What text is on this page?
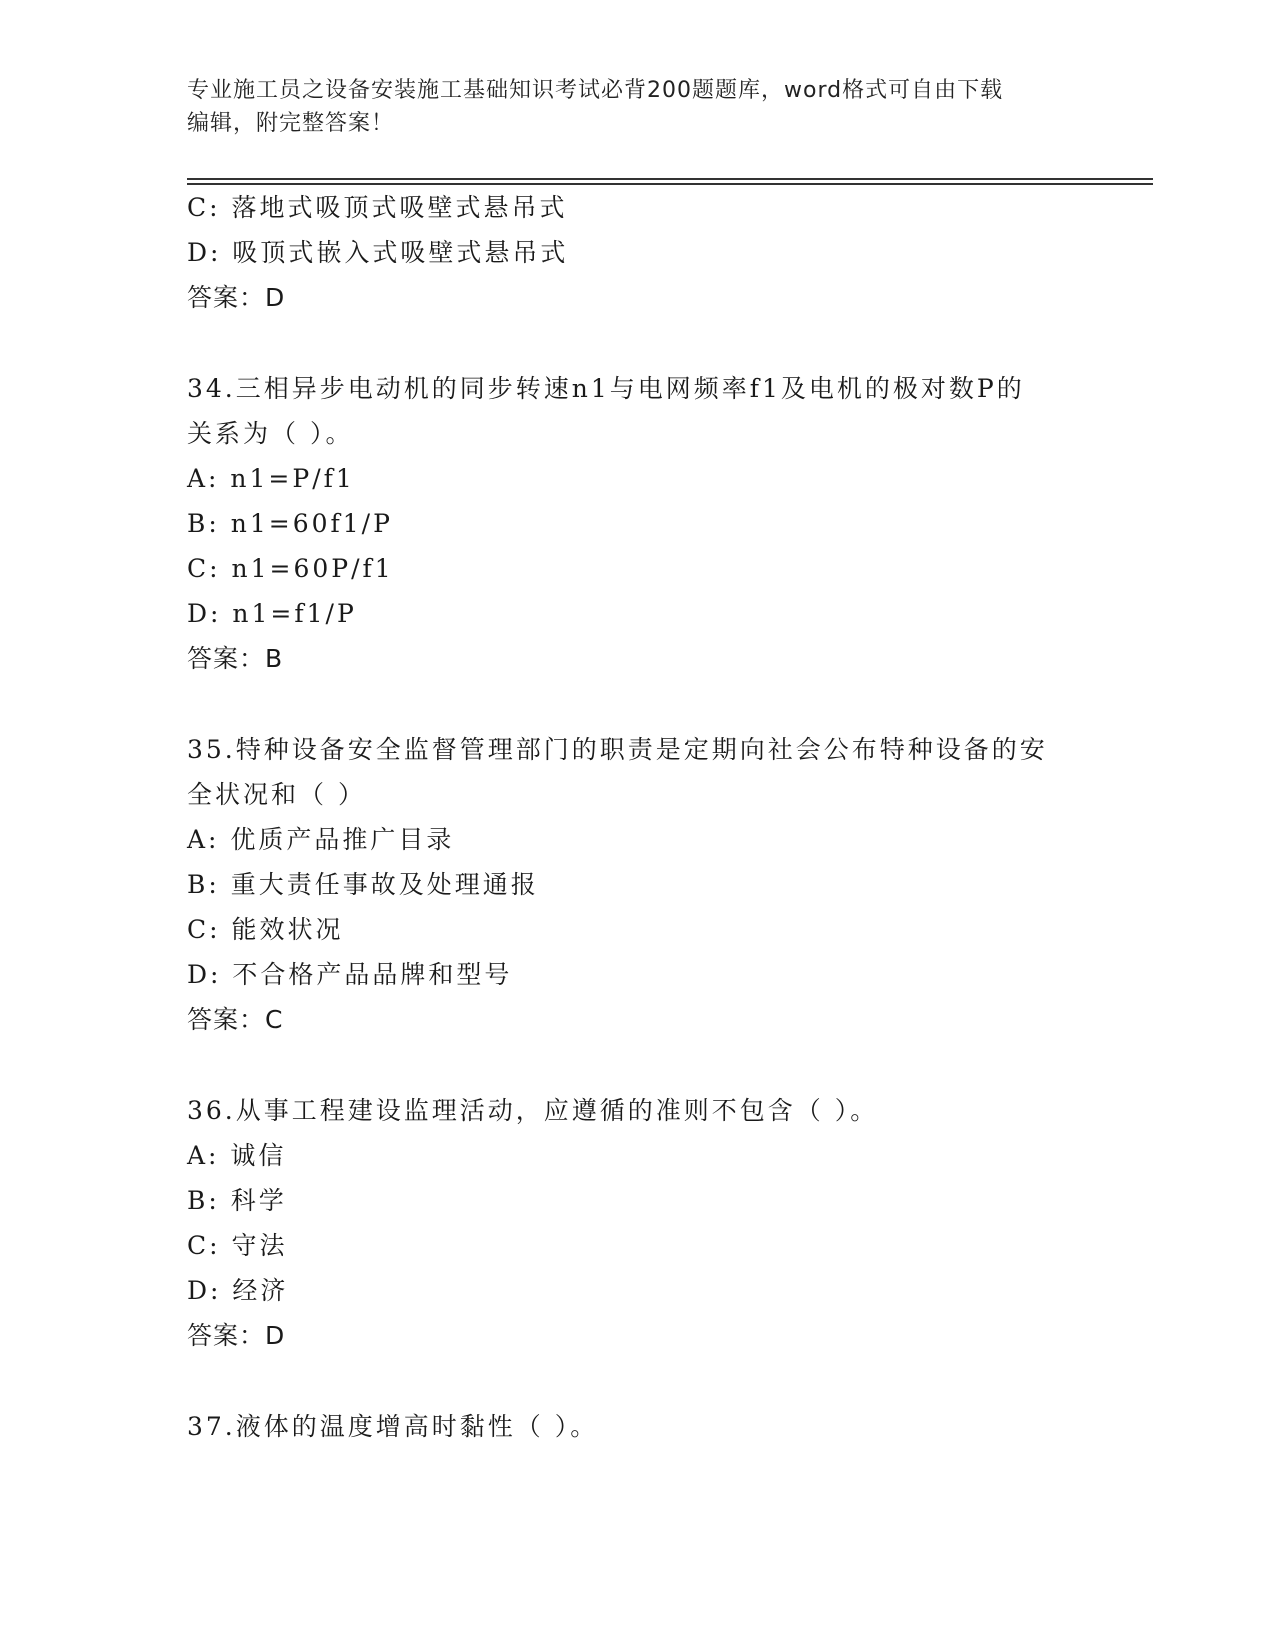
专业施工员之设备安装施工基础知识考试必背200题题库，word格式可自由下载
编辑，附完整答案！
C: 落地式吸顶式吸壁式悬吊式
D: 吸顶式嵌入式吸壁式悬吊式
答案：D
34.三相异步电动机的同步转速n1与电网频率f1及电机的极对数P的
关系为（ ）。
A: n1=P/f1
B: n1=60f1/P
C: n1=60P/f1
D: n1=f1/P
答案：B
35.特种设备安全监督管理部门的职责是定期向社会公布特种设备的安
全状况和（ ）
A: 优质产品推广目录
B: 重大责任事故及处理通报
C: 能效状况
D: 不合格产品品牌和型号
答案：C
36.从事工程建设监理活动，应遵循的准则不包含（ ）。
A: 诚信
B: 科学
C: 守法
D: 经济
答案：D
37.液体的温度增高时黏性（ ）。
